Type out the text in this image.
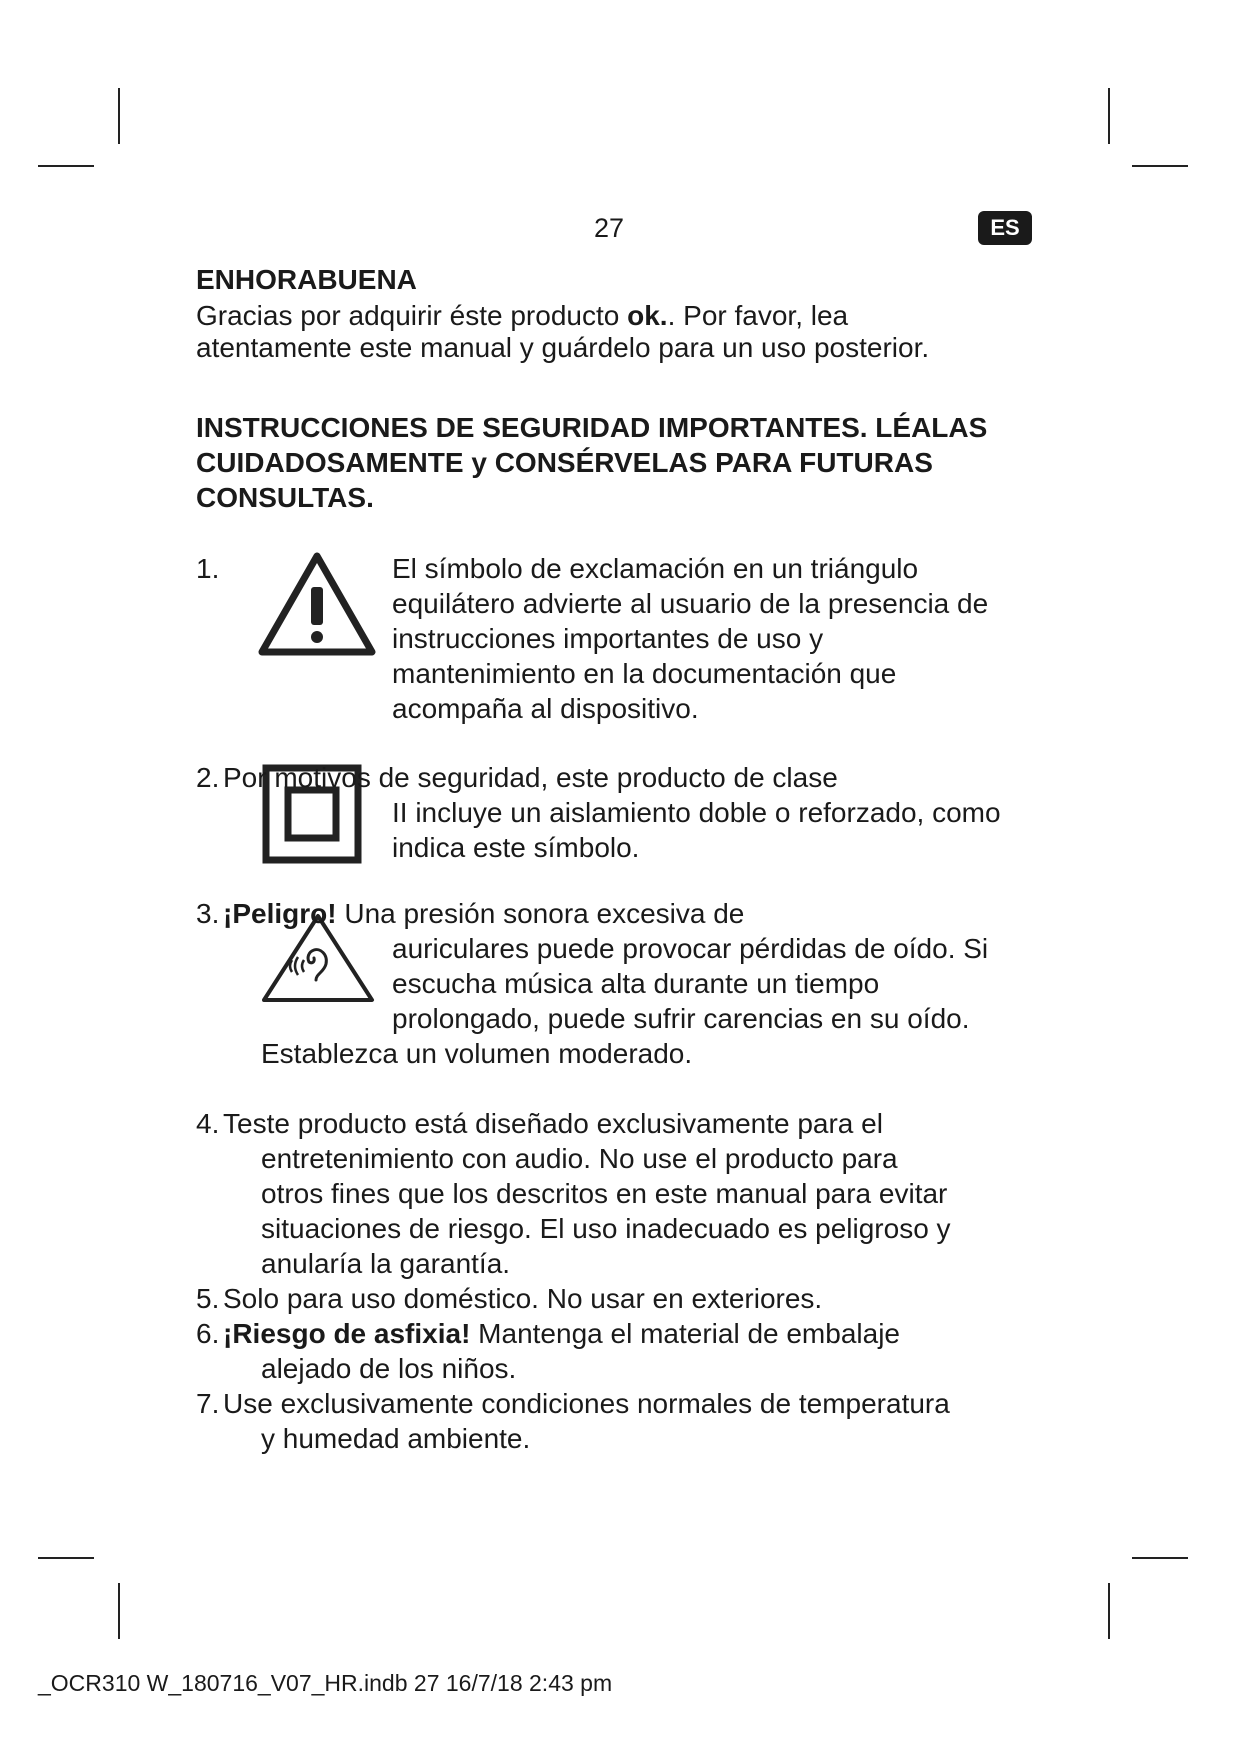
27	ES
ENHORABUENA
Gracias por adquirir éste producto ok.. Por favor, lea
atentamente este manual y guárdelo para un uso posterior.
INSTRUCCIONES DE SEGURIDAD IMPORTANTES. LÉALAS
CUIDADOSAMENTE y CONSÉRVELAS PARA FUTURAS
CONSULTAS.
1.	El símbolo de exclamación en un triángulo
equilátero advierte al usuario de la presencia de
instrucciones importantes de uso y
mantenimiento en la documentación que
acompaña al dispositivo.
2. Por motivos de seguridad, este producto de clase
II incluye un aislamiento doble o reforzado, como
indica este símbolo.
3. ¡Peligro! Una presión sonora excesiva de
auriculares puede provocar pérdidas de oído. Si
escucha música alta durante un tiempo
prolongado, puede sufrir carencias en su oído.
Establezca un volumen moderado.
4. Teste producto está diseñado exclusivamente para el
entretenimiento con audio. No use el producto para
otros fines que los descritos en este manual para evitar
situaciones de riesgo. El uso inadecuado es peligroso y
anularía la garantía.
5. Solo para uso doméstico. No usar en exteriores.
6. ¡Riesgo de asfixia! Mantenga el material de embalaje
alejado de los niños.
7. Use exclusivamente condiciones normales de temperatura
y humedad ambiente.
_OCR310 W_180716_V07_HR.indb 27 16/7/18 2:43 pm
